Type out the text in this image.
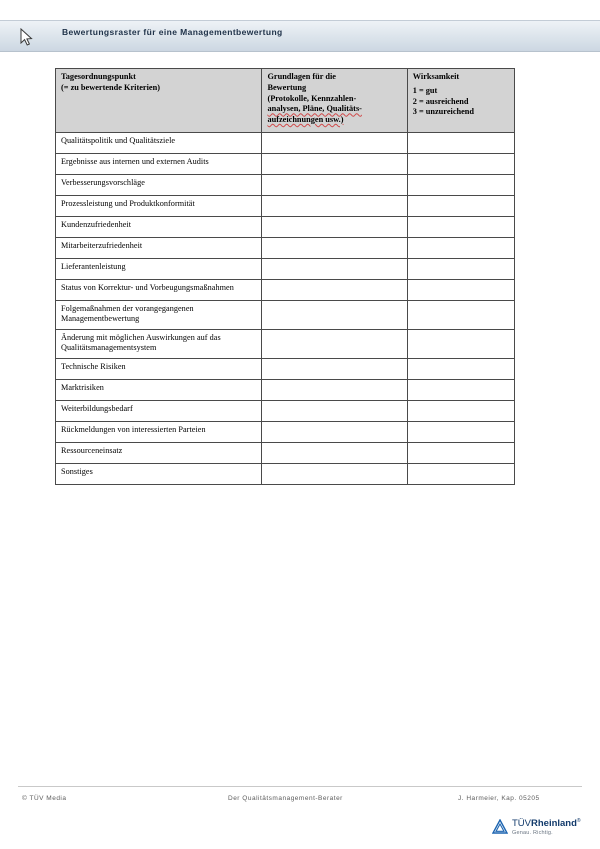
Bewertungsraster für eine Managementbewertung
Tagesordnungspunkt
(= zu bewertende Kriterien)

Grundlagen für die
Bewertung
(Protokolle, Kennzahlen-
analysen, Pläne, Qualitäts-
aufzeichnungen usw.)

Wirksamkeit
1 = gut
2 = ausreichend
3 = unzureichend

Qualitätspolitik und Qualitätsziele		
Ergebnisse aus internen und externen Audits		
Verbesserungsvorschläge		
Prozessleistung und Produktkonformität		
Kundenzufriedenheit		
Mitarbeiterzufriedenheit		
Lieferantenleistung		
Status von Korrektur- und Vorbeugungsmaßnahmen		
Folgemaßnahmen der vorangegangenen Managementbewertung		
Änderung mit möglichen Auswirkungen auf das Qualitätsmanagementsystem		
Technische Risiken		
Marktrisiken		
Weiterbildungsbedarf		
Rückmeldungen von interessierten Parteien		
Ressourceneinsatz		
Sonstiges		
© TÜV Media	Der Qualitätsmanagement-Berater	J. Harmeier, Kap. 05205
TÜVRheinland®
Genau. Richtig.
